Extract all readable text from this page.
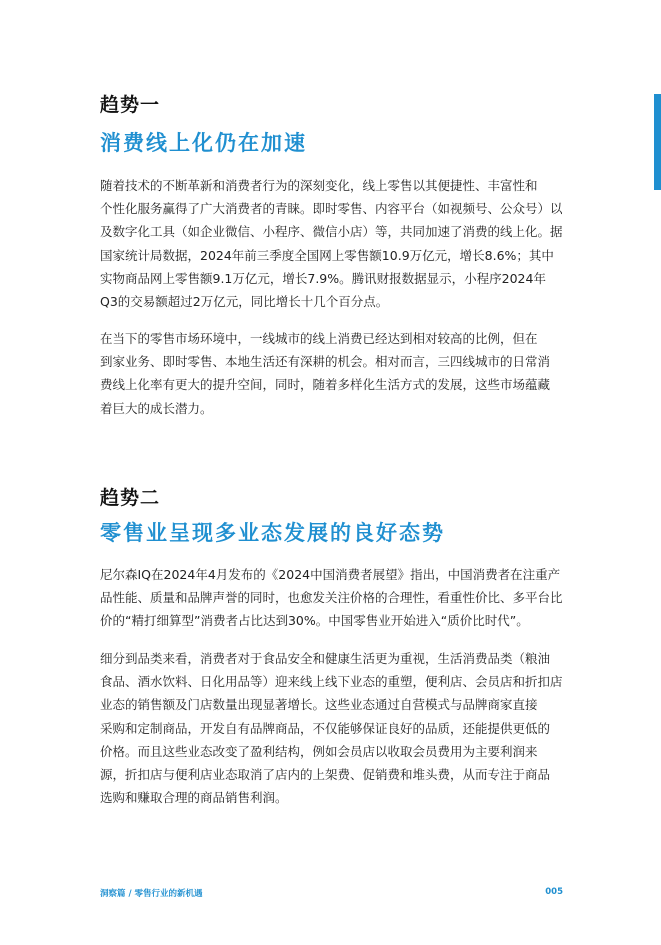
趋势一
消费线上化仍在加速
随着技术的不断革新和消费者行为的深刻变化，线上零售以其便捷性、丰富性和
个性化服务赢得了广大消费者的青睐。即时零售、内容平台（如视频号、公众号）以
及数字化工具（如企业微信、小程序、微信小店）等，共同加速了消费的线上化。据
国家统计局数据，2024年前三季度全国网上零售额10.9万亿元，增长8.6%；其中
实物商品网上零售额9.1万亿元，增长7.9%。腾讯财报数据显示，小程序2024年
Q3的交易额超过2万亿元，同比增长十几个百分点。
在当下的零售市场环境中，一线城市的线上消费已经达到相对较高的比例，但在
到家业务、即时零售、本地生活还有深耕的机会。相对而言，三四线城市的日常消
费线上化率有更大的提升空间，同时，随着多样化生活方式的发展，这些市场蕴藏
着巨大的成长潜力。
趋势二
零售业呈现多业态发展的良好态势
尼尔森IQ在2024年4月发布的《2024中国消费者展望》指出，中国消费者在注重产
品性能、质量和品牌声誉的同时，也愈发关注价格的合理性，看重性价比、多平台比
价的“精打细算型”消费者占比达到30%。中国零售业开始进入“质价比时代”。
细分到品类来看，消费者对于食品安全和健康生活更为重视，生活消费品类（粮油
食品、酒水饮料、日化用品等）迎来线上线下业态的重塑，便利店、会员店和折扣店
业态的销售额及门店数量出现显著增长。这些业态通过自营模式与品牌商家直接
采购和定制商品，开发自有品牌商品，不仅能够保证良好的品质，还能提供更低的
价格。而且这些业态改变了盈利结构，例如会员店以收取会员费用为主要利润来
源，折扣店与便利店业态取消了店内的上架费、促销费和堆头费，从而专注于商品
选购和赚取合理的商品销售利润。
洞察篇 / 零售行业的新机遇	005
